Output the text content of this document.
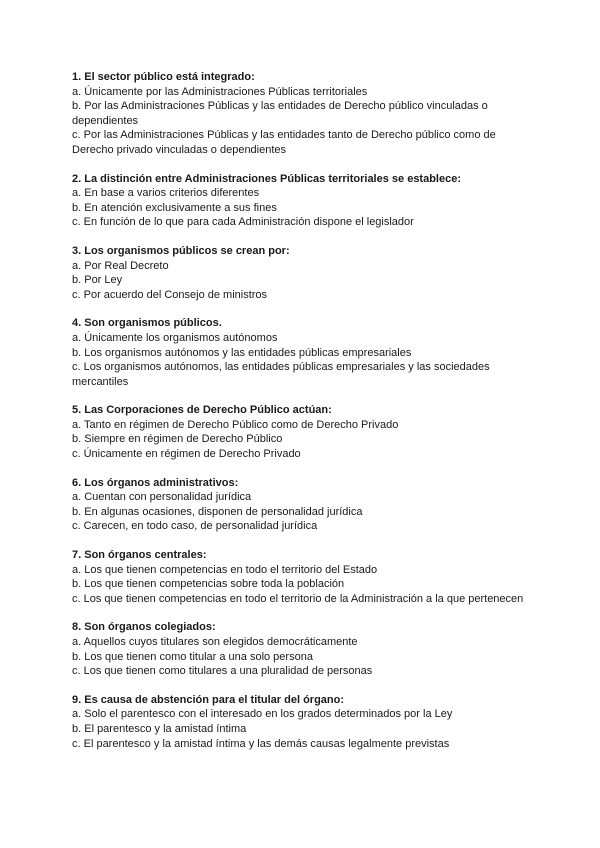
1. El sector público está integrado:

a. Únicamente por las Administraciones Públicas territoriales

b. Por las Administraciones Públicas y las entidades de Derecho público vinculadas o dependientes

c. Por las Administraciones Públicas y las entidades tanto de Derecho público como de Derecho privado vinculadas o dependientes

2. La distinción entre Administraciones Públicas territoriales se establece:

a. En base a varios criterios diferentes

b. En atención exclusivamente a sus fines

c. En función de lo que para cada Administración dispone el legislador

3. Los organismos públicos se crean por:

a. Por Real Decreto

b. Por Ley

c. Por acuerdo del Consejo de ministros

4. Son organismos públicos.

a. Únicamente los organismos autónomos

b. Los organismos autónomos y las entidades públicas empresariales

c. Los organismos autónomos, las entidades públicas empresariales y las sociedades mercantiles

5. Las Corporaciones de Derecho Público actúan:

a. Tanto en régimen de Derecho Público como de Derecho Privado

b. Siempre en régimen de Derecho Público

c. Únicamente en régimen de Derecho Privado

6. Los órganos administrativos:

a. Cuentan con personalidad jurídica

b. En algunas ocasiones, disponen de personalidad jurídica

c. Carecen, en todo caso, de personalidad jurídica

7. Son órganos centrales:

a. Los que tienen competencias en todo el territorio del Estado

b. Los que tienen competencias sobre toda la población

c. Los que tienen competencias en todo el territorio de la Administración a la que pertenecen

8. Son órganos colegiados:

a. Aquellos cuyos titulares son elegidos democráticamente

b. Los que tienen como titular a una solo persona

c. Los que tienen como titulares a una pluralidad de personas

9. Es causa de abstención para el titular del órgano:

a. Solo el parentesco con el interesado en los grados determinados por la Ley

b. El parentesco y la amistad íntima

c. El parentesco y la amistad íntima y las demás causas legalmente previstas
